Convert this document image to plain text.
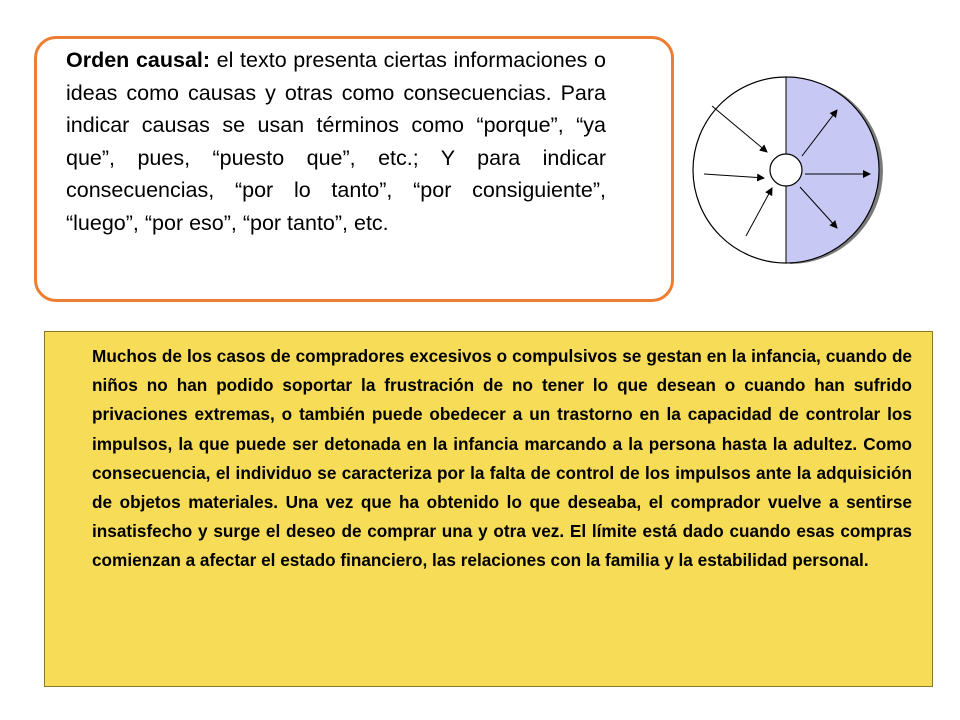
Orden causal: el texto presenta ciertas informaciones o ideas como causas y otras como consecuencias. Para indicar causas se usan términos como “porque”, “ya que”, pues, “puesto que”, etc.; Y para indicar consecuencias, “por lo tanto”, “por consiguiente”, “luego”, “por eso”, “por tanto”, etc.

Muchos de los casos de compradores excesivos o compulsivos se gestan en la infancia, cuando de niños no han podido soportar la frustración de no tener lo que desean o cuando han sufrido privaciones extremas, o también puede obedecer a un trastorno en la capacidad de controlar los impulsos, la que puede ser detonada en la infancia marcando a la persona hasta la adultez. Como consecuencia, el individuo se caracteriza por la falta de control de los impulsos ante la adquisición de objetos materiales. Una vez que ha obtenido lo que deseaba, el comprador vuelve a sentirse insatisfecho y surge el deseo de comprar una y otra vez. El límite está dado cuando esas compras comienzan a afectar el estado financiero, las relaciones con la familia y la estabilidad personal.
